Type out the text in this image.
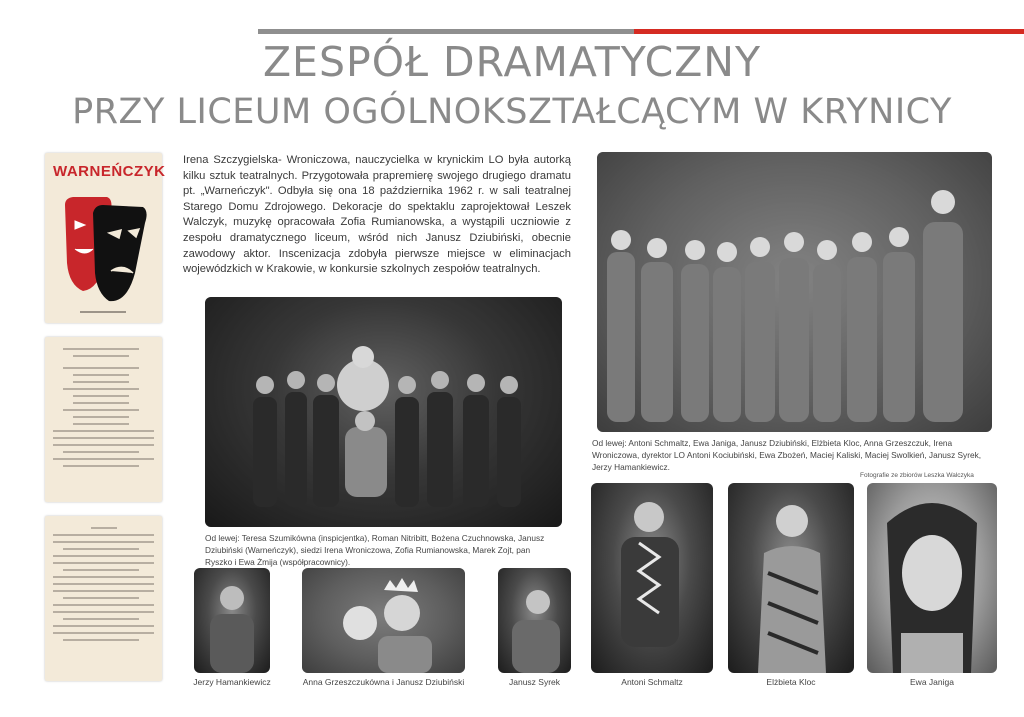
ZESPÓŁ DRAMATYCZNY
PRZY LICEUM OGÓLNOKSZTAŁCĄCYM W KRYNICY
WARNEŃCZYK

Irena Szczygielska- Wroniczowa, nauczycielka w krynickim LO była autorką kilku sztuk teatralnych. Przygotowała prapremierę swojego drugiego dramatu pt. „Warneńczyk". Odbyła się ona 18 października 1962 r. w sali teatralnej Starego Domu Zdrojowego. Dekoracje do spektaklu zaprojektował Leszek Walczyk, muzykę opracowała Zofia Rumianowska, a wystąpili uczniowie z zespołu dramatycznego liceum, wśród nich Janusz Dziubiński, obecnie zawodowy aktor. Inscenizacja zdobyła pierwsze miejsce w eliminacjach wojewódzkich w Krakowie, w konkursie szkolnych zespołów teatralnych.

Od lewej: Teresa Szumikówna (inspicjentka), Roman Nitribitt, Bożena Czuchnowska, Janusz Dziubiński (Warneńczyk), siedzi Irena Wroniczowa, Zofia Rumianowska, Marek Zojt, pan Ryszko i Ewa Żmija (współpracownicy).
Od lewej: Antoni Schmaltz, Ewa Janiga, Janusz Dziubiński, Elżbieta Kloc, Anna Grzeszczuk, Irena Wroniczowa, dyrektor LO Antoni Kociubiński, Ewa Zbożeń, Maciej Kaliski, Maciej Swolkień, Janusz Syrek, Jerzy Hamankiewicz.
Fotografie ze zbiorów Leszka Walczyka
Jerzy Hamankiewicz	Anna Grzeszczukówna i Janusz Dziubiński	Janusz Syrek	Antoni Schmaltz	Elżbieta Kloc	Ewa Janiga
